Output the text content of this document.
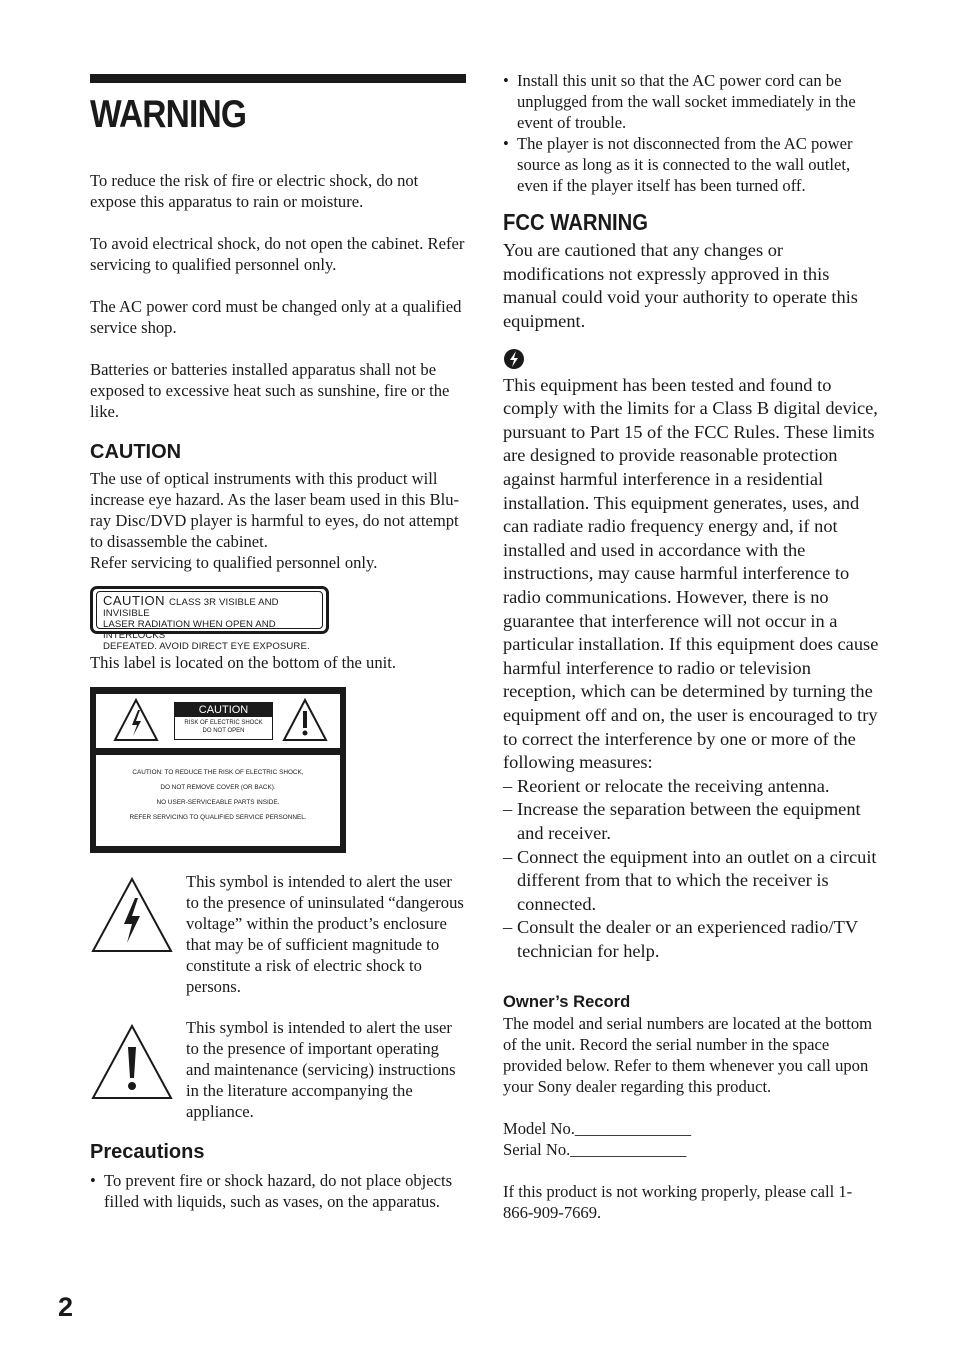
WARNING

To reduce the risk of fire or electric shock, do not expose this apparatus to rain or moisture.

To avoid electrical shock, do not open the cabinet. Refer servicing to qualified personnel only.

The AC power cord must be changed only at a qualified service shop.

Batteries or batteries installed apparatus shall not be exposed to excessive heat such as sunshine, fire or the like.

CAUTION

The use of optical instruments with this product will increase eye hazard. As the laser beam used in this Blu-ray Disc/DVD player is harmful to eyes, do not attempt to disassemble the cabinet.

Refer servicing to qualified personnel only.

CAUTION CLASS 3R VISIBLE AND INVISIBLE
LASER RADIATION WHEN OPEN AND INTERLOCKS
DEFEATED. AVOID DIRECT EYE EXPOSURE.

This label is located on the bottom of the unit.

CAUTION
RISK OF ELECTRIC SHOCK
DO NOT OPEN
CAUTION: TO REDUCE THE RISK OF ELECTRIC SHOCK,
DO NOT REMOVE COVER (OR BACK).
NO USER-SERVICEABLE PARTS INSIDE.
REFER SERVICING TO QUALIFIED SERVICE PERSONNEL.

This symbol is intended to alert the user to the presence of uninsulated “dangerous voltage” within the product’s enclosure that may be of sufficient magnitude to constitute a risk of electric shock to persons.

This symbol is intended to alert the user to the presence of important operating and maintenance (servicing) instructions in the literature accompanying the appliance.

Precautions
• To prevent fire or shock hazard, do not place objects filled with liquids, such as vases, on the apparatus.
• Install this unit so that the AC power cord can be unplugged from the wall socket immediately in the event of trouble.
• The player is not disconnected from the AC power source as long as it is connected to the wall outlet, even if the player itself has been turned off.
FCC WARNING

You are cautioned that any changes or modifications not expressly approved in this manual could void your authority to operate this equipment.

This equipment has been tested and found to comply with the limits for a Class B digital device, pursuant to Part 15 of the FCC Rules. These limits are designed to provide reasonable protection against harmful interference in a residential installation. This equipment generates, uses, and can radiate radio frequency energy and, if not installed and used in accordance with the instructions, may cause harmful interference to radio communications. However, there is no guarantee that interference will not occur in a particular installation. If this equipment does cause harmful interference to radio or television reception, which can be determined by turning the equipment off and on, the user is encouraged to try to correct the interference by one or more of the following measures:

– Reorient or relocate the receiving antenna.
– Increase the separation between the equipment and receiver.
– Connect the equipment into an outlet on a circuit different from that to which the receiver is connected.
– Consult the dealer or an experienced radio/TV technician for help.
Owner’s Record

The model and serial numbers are located at the bottom of the unit. Record the serial number in the space provided below. Refer to them whenever you call upon your Sony dealer regarding this product.

Model No.______________

Serial No.______________

If this product is not working properly, please call 1-866-909-7669.

2
